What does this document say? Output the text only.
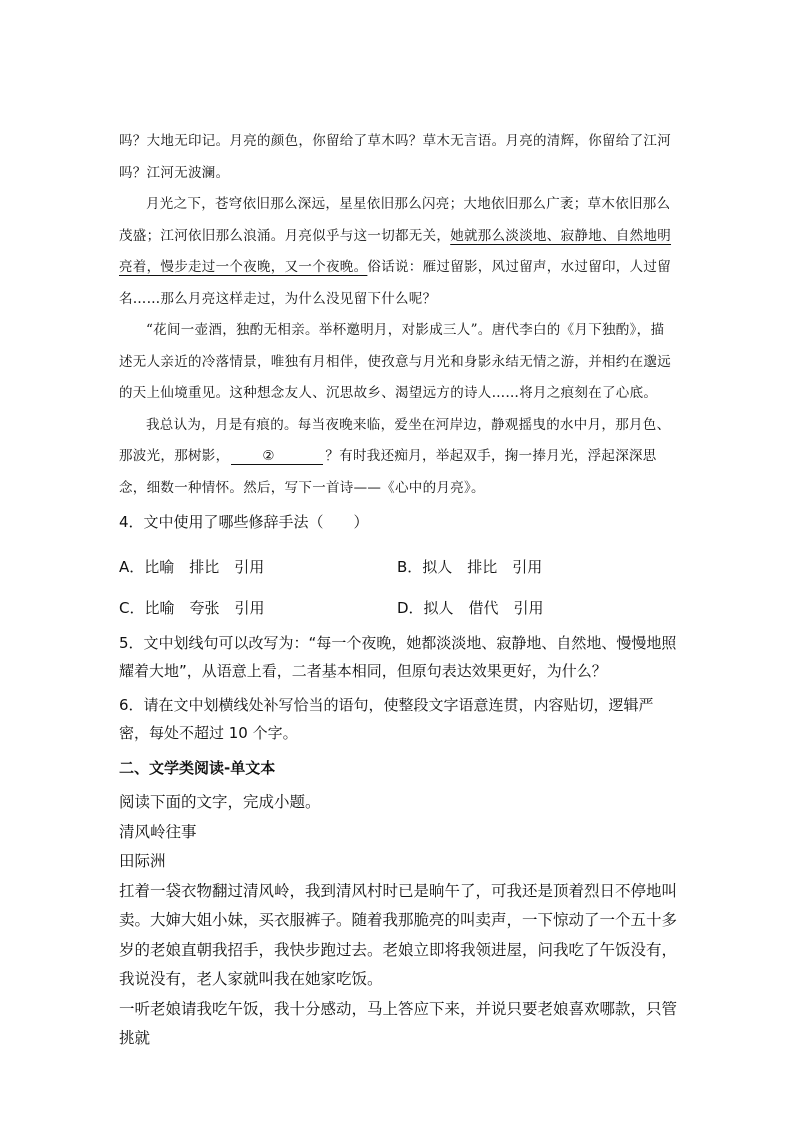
吗？大地无印记。月亮的颜色，你留给了草木吗？草木无言语。月亮的清辉，你留给了江河吗？江河无波澜。

月光之下，苍穹依旧那么深远，星星依旧那么闪亮；大地依旧那么广袤；草木依旧那么茂盛；江河依旧那么浪涌。月亮似乎与这一切都无关，她就那么淡淡地、寂静地、自然地明亮着，慢步走过一个夜晚，又一个夜晚。俗话说：雁过留影，风过留声，水过留印，人过留名……那么月亮这样走过，为什么没见留下什么呢？

“花间一壶酒，独酌无相亲。举杯邀明月，对影成三人”。唐代李白的《月下独酌》，描述无人亲近的冷落情景，唯独有月相伴，使孜意与月光和身影永结无情之游，并相约在邈远的天上仙境重见。这种想念友人、沉思故乡、渴望远方的诗人……将月之痕刻在了心底。

我总认为，月是有痕的。每当夜晚来临，爱坐在河岸边，静观摇曳的水中月，那月色、那波光，那树影， ②	？有时我还痴月，举起双手，掬一捧月光，浮起深深思念，细数一种情怀。然后，写下一首诗——《心中的月亮》。

4．文中使用了哪些修辞手法（　　）

A．比喻　排比　引用	B．拟人　排比　引用
C．比喻　夸张　引用	D．拟人　借代　引用

5．文中划线句可以改写为：“每一个夜晚，她都淡淡地、寂静地、自然地、慢慢地照耀着大地”，从语意上看，二者基本相同，但原句表达效果更好，为什么？

6．请在文中划横线处补写恰当的语句，使整段文字语意连贯，内容贴切，逻辑严密，每处不超过 10 个字。

二、文学类阅读-单文本

阅读下面的文字，完成小题。

清风岭往事

田际洲

扛着一袋衣物翻过清风岭，我到清风村时已是晌午了，可我还是顶着烈日不停地叫卖。大婶大姐小妹，买衣服裤子。随着我那脆亮的叫卖声，一下惊动了一个五十多岁的老娘直朝我招手，我快步跑过去。老娘立即将我领进屋，问我吃了午饭没有，我说没有，老人家就叫我在她家吃饭。

一听老娘请我吃午饭，我十分感动，马上答应下来，并说只要老娘喜欢哪款，只管挑就
